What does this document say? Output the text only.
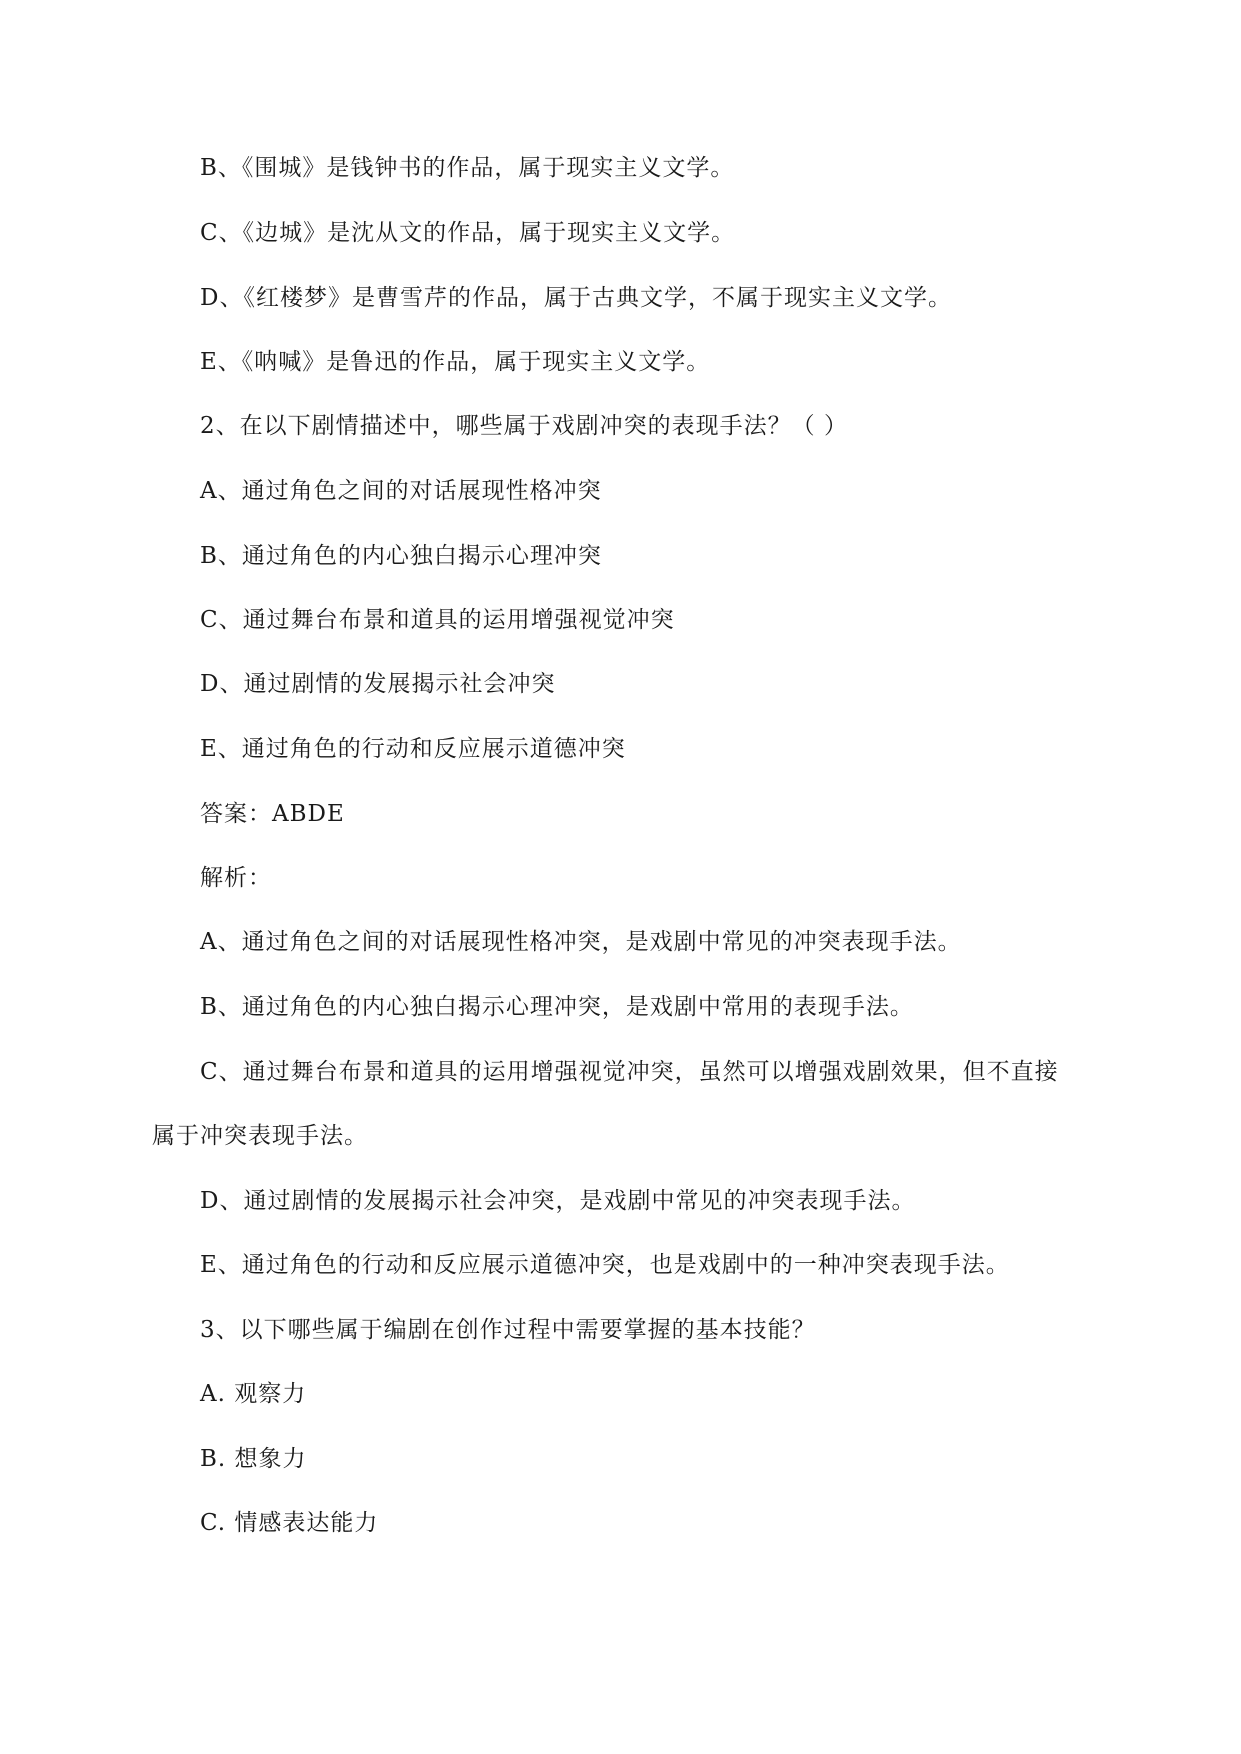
B、《围城》是钱钟书的作品，属于现实主义文学。
C、《边城》是沈从文的作品，属于现实主义文学。
D、《红楼梦》是曹雪芹的作品，属于古典文学，不属于现实主义文学。
E、《呐喊》是鲁迅的作品，属于现实主义文学。
2、在以下剧情描述中，哪些属于戏剧冲突的表现手法？（ ）
A、通过角色之间的对话展现性格冲突
B、通过角色的内心独白揭示心理冲突
C、通过舞台布景和道具的运用增强视觉冲突
D、通过剧情的发展揭示社会冲突
E、通过角色的行动和反应展示道德冲突
答案：ABDE
解析：
A、通过角色之间的对话展现性格冲突，是戏剧中常见的冲突表现手法。
B、通过角色的内心独白揭示心理冲突，是戏剧中常用的表现手法。
C、通过舞台布景和道具的运用增强视觉冲突，虽然可以增强戏剧效果，但不直接
属于冲突表现手法。
D、通过剧情的发展揭示社会冲突，是戏剧中常见的冲突表现手法。
E、通过角色的行动和反应展示道德冲突，也是戏剧中的一种冲突表现手法。
3、以下哪些属于编剧在创作过程中需要掌握的基本技能？
A. 观察力
B. 想象力
C. 情感表达能力
